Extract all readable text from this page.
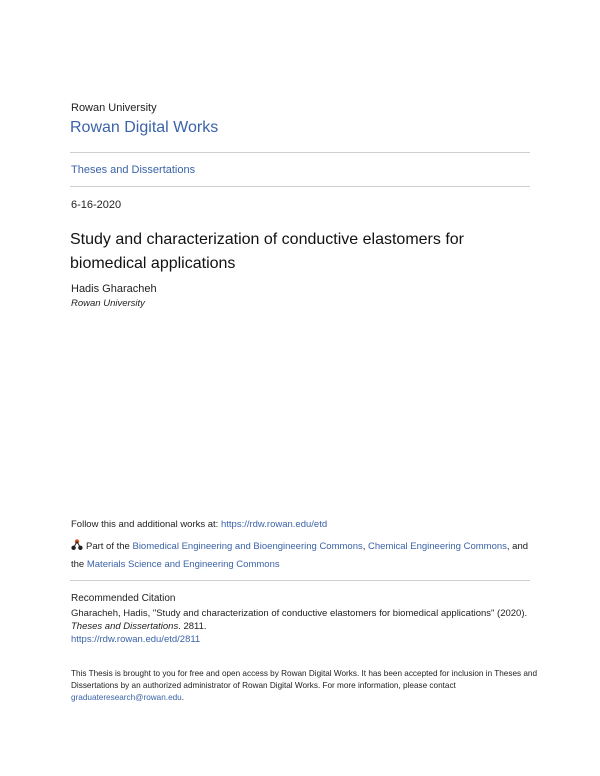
Rowan University
Rowan Digital Works
Theses and Dissertations
6-16-2020
Study and characterization of conductive elastomers for biomedical applications
Hadis Gharacheh
Rowan University
Follow this and additional works at: https://rdw.rowan.edu/etd
Part of the Biomedical Engineering and Bioengineering Commons, Chemical Engineering Commons, and the Materials Science and Engineering Commons
Recommended Citation
Gharacheh, Hadis, "Study and characterization of conductive elastomers for biomedical applications" (2020). Theses and Dissertations. 2811.
https://rdw.rowan.edu/etd/2811
This Thesis is brought to you for free and open access by Rowan Digital Works. It has been accepted for inclusion in Theses and Dissertations by an authorized administrator of Rowan Digital Works. For more information, please contact graduateresearch@rowan.edu.
